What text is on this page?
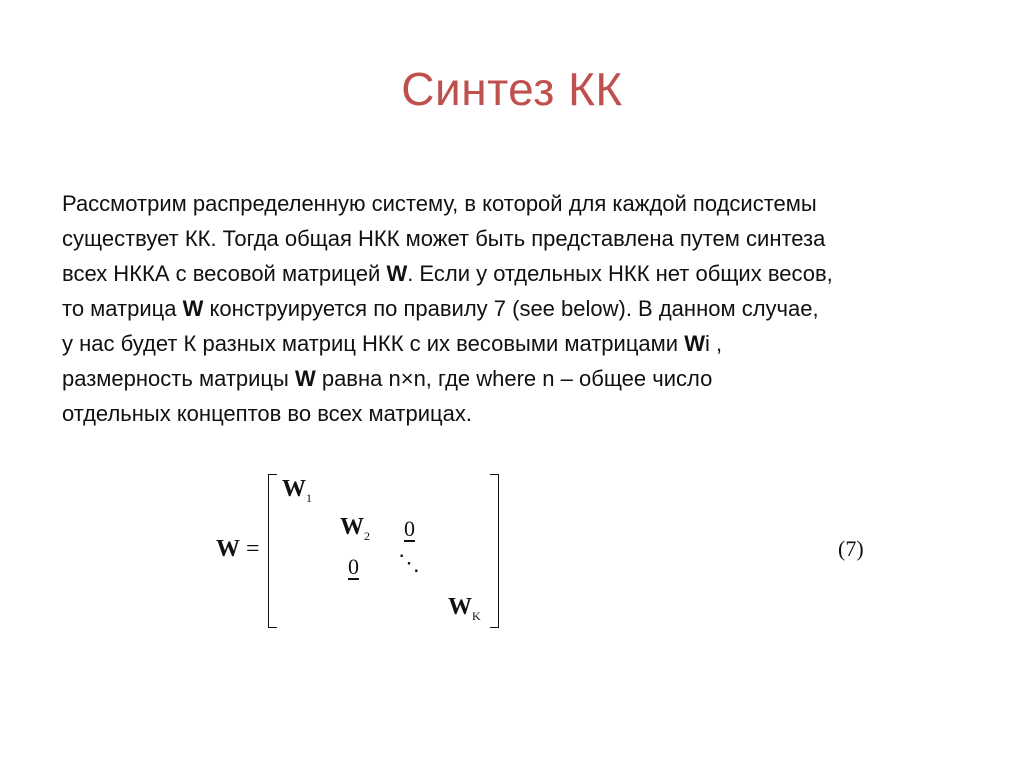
Синтез КК
Рассмотрим распределенную систему, в которой для каждой подсистемы
существует КК. Тогда общая НКК может быть представлена путем синтеза
всех НККА с весовой матрицей W. Если у отдельных НКК нет общих весов,
то матрица W конструируется по правилу 7 (see below). В данном случае,
у нас будет К разных матриц НКК с их весовыми матрицами Wi ,
размерность матрицы W равна n×n, где where n – общее число
отдельных концептов во всех матрицах.
W =
$W_1$
$W_2$ 0
0 ⋱
$W_K$
(7)
